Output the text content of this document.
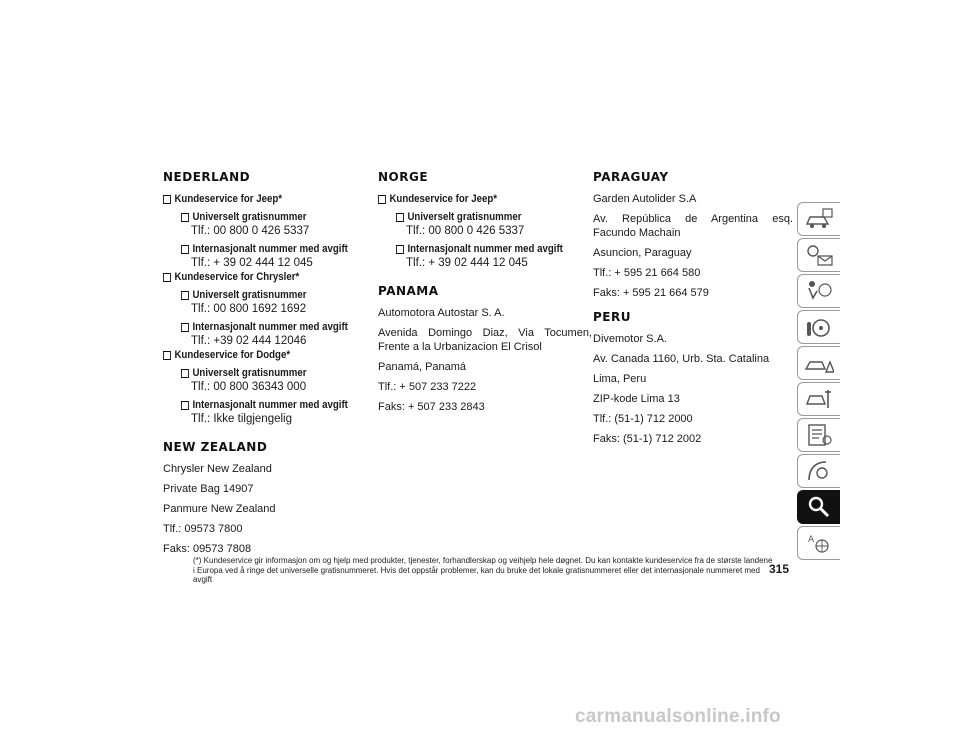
NEDERLAND
Kundeservice for Jeep*
Universelt gratisnummer
Tlf.: 00 800 0 426 5337
Internasjonalt nummer med avgift
Tlf.: + 39 02 444 12 045
Kundeservice for Chrysler*
Universelt gratisnummer
Tlf.: 00 800 1692 1692
Internasjonalt nummer med avgift
Tlf.: +39 02 444 12046
Kundeservice for Dodge*
Universelt gratisnummer
Tlf.: 00 800 36343 000
Internasjonalt nummer med avgift
Tlf.: Ikke tilgjengelig
NEW ZEALAND

Chrysler New Zealand

Private Bag 14907

Panmure New Zealand

Tlf.: 09573 7800

Faks: 09573 7808

NORGE
Kundeservice for Jeep*
Universelt gratisnummer
Tlf.: 00 800 0 426 5337
Internasjonalt nummer med avgift
Tlf.: + 39 02 444 12 045
PANAMA

Automotora Autostar S. A.

Avenida Domingo Diaz, Via Tocumen, Frente a la Urbanizacion El Crisol

Panamá, Panamá

Tlf.: + 507 233 7222

Faks: + 507 233 2843

PARAGUAY

Garden Autolider S.A

Av. República de Argentina esq. Facundo Machain

Asuncion, Paraguay

Tlf.: + 595 21 664 580

Faks: + 595 21 664 579

PERU

Divemotor S.A.

Av. Canada 1160, Urb. Sta. Catalina

Lima, Peru

ZIP-kode Lima 13

Tlf.: (51-1) 712 2000

Faks: (51-1) 712 2002

A
(*) Kundeservice gir informasjon om og hjelp med produkter, tjenester, forhandlerskap og veihjelp hele døgnet. Du kan kontakte kundeservice fra de største landene i Europa ved å ringe det universelle gratisnummeret. Hvis det oppstår problemer, kan du bruke det lokale gratisnummeret eller det internasjonale nummeret med avgift
315
carmanualsonline.info
